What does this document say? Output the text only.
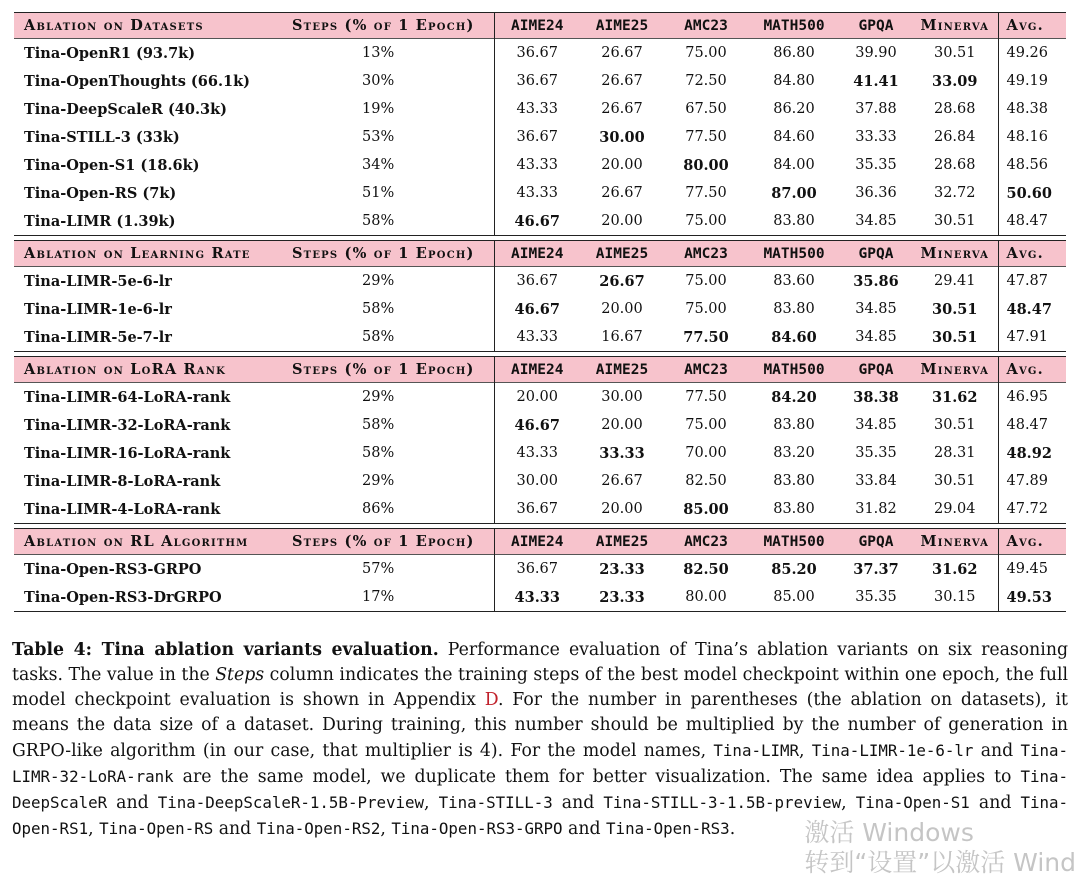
Ablation on Datasets	Steps (% of 1 Epoch)	AIME24	AIME25	AMC23	MATH500	GPQA	Minerva	Avg.
Tina-OpenR1 (93.7k)	13%	36.67	26.67	75.00	86.80	39.90	30.51	49.26
Tina-OpenThoughts (66.1k)	30%	36.67	26.67	72.50	84.80	41.41	33.09	49.19
Tina-DeepScaleR (40.3k)	19%	43.33	26.67	67.50	86.20	37.88	28.68	48.38
Tina-STILL-3 (33k)	53%	36.67	30.00	77.50	84.60	33.33	26.84	48.16
Tina-Open-S1 (18.6k)	34%	43.33	20.00	80.00	84.00	35.35	28.68	48.56
Tina-Open-RS (7k)	51%	43.33	26.67	77.50	87.00	36.36	32.72	50.60
Tina-LIMR (1.39k)	58%	46.67	20.00	75.00	83.80	34.85	30.51	48.47

Ablation on Learning Rate	Steps (% of 1 Epoch)	AIME24	AIME25	AMC23	MATH500	GPQA	Minerva	Avg.
Tina-LIMR-5e-6-lr	29%	36.67	26.67	75.00	83.60	35.86	29.41	47.87
Tina-LIMR-1e-6-lr	58%	46.67	20.00	75.00	83.80	34.85	30.51	48.47
Tina-LIMR-5e-7-lr	58%	43.33	16.67	77.50	84.60	34.85	30.51	47.91

Ablation on LoRA Rank	Steps (% of 1 Epoch)	AIME24	AIME25	AMC23	MATH500	GPQA	Minerva	Avg.
Tina-LIMR-64-LoRA-rank	29%	20.00	30.00	77.50	84.20	38.38	31.62	46.95
Tina-LIMR-32-LoRA-rank	58%	46.67	20.00	75.00	83.80	34.85	30.51	48.47
Tina-LIMR-16-LoRA-rank	58%	43.33	33.33	70.00	83.20	35.35	28.31	48.92
Tina-LIMR-8-LoRA-rank	29%	30.00	26.67	82.50	83.80	33.84	30.51	47.89
Tina-LIMR-4-LoRA-rank	86%	36.67	20.00	85.00	83.80	31.82	29.04	47.72

Ablation on RL Algorithm	Steps (% of 1 Epoch)	AIME24	AIME25	AMC23	MATH500	GPQA	Minerva	Avg.
Tina-Open-RS3-GRPO	57%	36.67	23.33	82.50	85.20	37.37	31.62	49.45
Tina-Open-RS3-DrGRPO	17%	43.33	23.33	80.00	85.00	35.35	30.15	49.53
Table 4: Tina ablation variants evaluation. Performance evaluation of Tina’s ablation variants on six reasoning tasks. The value in the Steps column indicates the training steps of the best model checkpoint within one epoch, the full model checkpoint evaluation is shown in Appendix D. For the number in parentheses (the ablation on datasets), it means the data size of a dataset. During training, this number should be multiplied by the number of generation in GRPO-like algorithm (in our case, that multiplier is 4). For the model names, Tina-LIMR, Tina-LIMR-1e-6-lr and Tina-LIMR-32-LoRA-rank are the same model, we duplicate them for better visualization. The same idea applies to Tina-DeepScaleR and Tina-DeepScaleR-1.5B-Preview, Tina-STILL-3 and Tina-STILL-3-1.5B-preview, Tina-Open-S1 and Tina-Open-RS1, Tina-Open-RS and Tina-Open-RS2, Tina-Open-RS3-GRPO and Tina-Open-RS3.	激活 Windows
转到“设置”以激活 Wind
